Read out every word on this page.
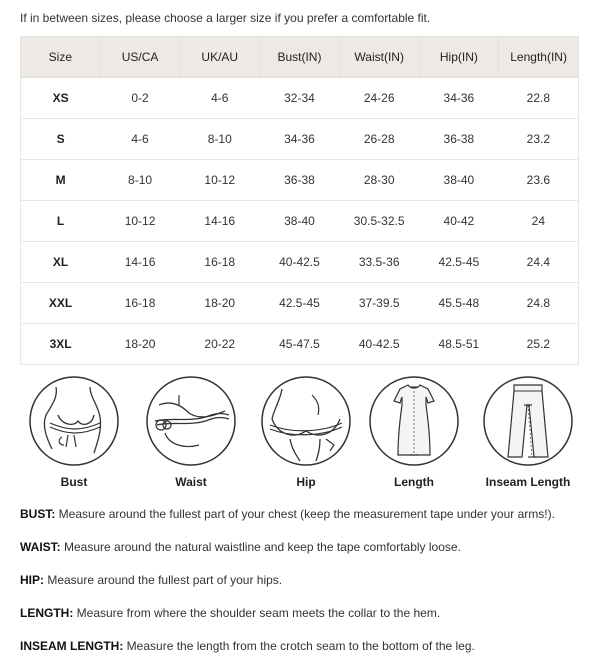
If in between sizes, please choose a larger size if you prefer a comfortable fit.
Size	US/CA	UK/AU	Bust(IN)	Waist(IN)	Hip(IN)	Length(IN)
XS	0-2	4-6	32-34	24-26	34-36	22.8
S	4-6	8-10	34-36	26-28	36-38	23.2
M	8-10	10-12	36-38	28-30	38-40	23.6
L	10-12	14-16	38-40	30.5-32.5	40-42	24
XL	14-16	16-18	40-42.5	33.5-36	42.5-45	24.4
XXL	16-18	18-20	42.5-45	37-39.5	45.5-48	24.8
3XL	18-20	20-22	45-47.5	40-42.5	48.5-51	25.2
Bust	Waist	Hip	Length	Inseam Length

BUST: Measure around the fullest part of your chest (keep the measurement tape under your arms!).

WAIST: Measure around the natural waistline and keep the tape comfortably loose.

HIP: Measure around the fullest part of your hips.

LENGTH: Measure from where the shoulder seam meets the collar to the hem.

INSEAM LENGTH: Measure the length from the crotch seam to the bottom of the leg.
